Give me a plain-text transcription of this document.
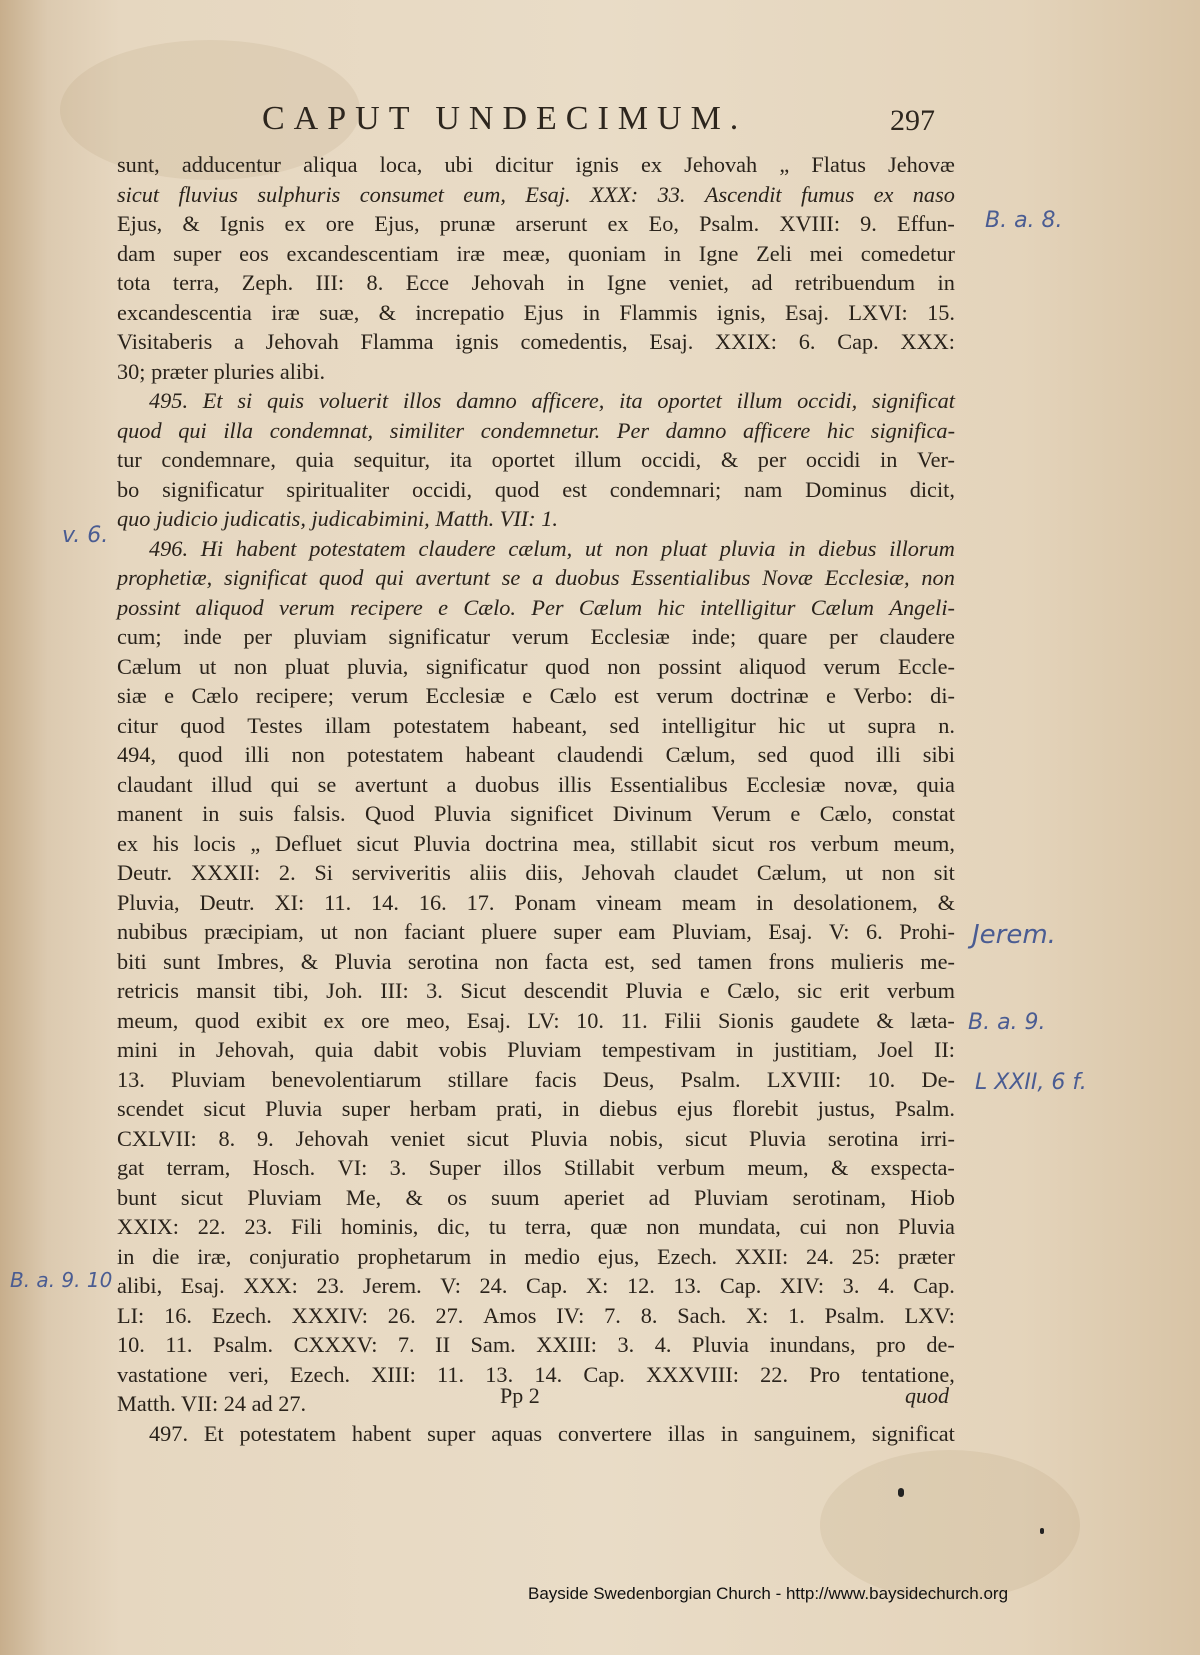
CAPUT UNDECIMUM.	297
sunt, adducentur aliqua loca, ubi dicitur ignis ex Jehovah „ Flatus Jehovæ
sicut fluvius sulphuris consumet eum, Esaj. XXX: 33. Ascendit fumus ex naso
Ejus, & Ignis ex ore Ejus, prunæ arserunt ex Eo, Psalm. XVIII: 9. Effun-
dam super eos excandescentiam iræ meæ, quoniam in Igne Zeli mei comedetur
tota terra, Zeph. III: 8. Ecce Jehovah in Igne veniet, ad retribuendum in
excandescentia iræ suæ, & increpatio Ejus in Flammis ignis, Esaj. LXVI: 15.
Visitaberis a Jehovah Flamma ignis comedentis, Esaj. XXIX: 6. Cap. XXX:
30; præter pluries alibi.
495. Et si quis voluerit illos damno afficere, ita oportet illum occidi, significat
quod qui illa condemnat, similiter condemnetur. Per damno afficere hic significa-
tur condemnare, quia sequitur, ita oportet illum occidi, & per occidi in Ver-
bo significatur spiritualiter occidi, quod est condemnari; nam Dominus dicit,
quo judicio judicatis, judicabimini, Matth. VII: 1.
496. Hi habent potestatem claudere cælum, ut non pluat pluvia in diebus illorum
prophetiæ, significat quod qui avertunt se a duobus Essentialibus Novæ Ecclesiæ, non
possint aliquod verum recipere e Cælo. Per Cælum hic intelligitur Cælum Angeli-
cum; inde per pluviam significatur verum Ecclesiæ inde; quare per claudere
Cælum ut non pluat pluvia, significatur quod non possint aliquod verum Eccle-
siæ e Cælo recipere; verum Ecclesiæ e Cælo est verum doctrinæ e Verbo: di-
citur quod Testes illam potestatem habeant, sed intelligitur hic ut supra n.
494, quod illi non potestatem habeant claudendi Cælum, sed quod illi sibi
claudant illud qui se avertunt a duobus illis Essentialibus Ecclesiæ novæ, quia
manent in suis falsis. Quod Pluvia significet Divinum Verum e Cælo, constat
ex his locis „ Defluet sicut Pluvia doctrina mea, stillabit sicut ros verbum meum,
Deutr. XXXII: 2. Si serviveritis aliis diis, Jehovah claudet Cælum, ut non sit
Pluvia, Deutr. XI: 11. 14. 16. 17. Ponam vineam meam in desolationem, &
nubibus præcipiam, ut non faciant pluere super eam Pluviam, Esaj. V: 6. Prohi-
biti sunt Imbres, & Pluvia serotina non facta est, sed tamen frons mulieris me-
retricis mansit tibi, Joh. III: 3. Sicut descendit Pluvia e Cælo, sic erit verbum
meum, quod exibit ex ore meo, Esaj. LV: 10. 11. Filii Sionis gaudete & læta-
mini in Jehovah, quia dabit vobis Pluviam tempestivam in justitiam, Joel II:
13. Pluviam benevolentiarum stillare facis Deus, Psalm. LXVIII: 10. De-
scendet sicut Pluvia super herbam prati, in diebus ejus florebit justus, Psalm.
CXLVII: 8. 9. Jehovah veniet sicut Pluvia nobis, sicut Pluvia serotina irri-
gat terram, Hosch. VI: 3. Super illos Stillabit verbum meum, & exspecta-
bunt sicut Pluviam Me, & os suum aperiet ad Pluviam serotinam, Hiob
XXIX: 22. 23. Fili hominis, dic, tu terra, quæ non mundata, cui non Pluvia
in die iræ, conjuratio prophetarum in medio ejus, Ezech. XXII: 24. 25: præter
alibi, Esaj. XXX: 23. Jerem. V: 24. Cap. X: 12. 13. Cap. XIV: 3. 4. Cap.
LI: 16. Ezech. XXXIV: 26. 27. Amos IV: 7. 8. Sach. X: 1. Psalm. LXV:
10. 11. Psalm. CXXXV: 7. II Sam. XXIII: 3. 4. Pluvia inundans, pro de-
vastatione veri, Ezech. XIII: 11. 13. 14. Cap. XXXVIII: 22. Pro tentatione,
Matth. VII: 24 ad 27.
497. Et potestatem habent super aquas convertere illas in sanguinem, significat
Pp 2	quod
B. a. 8.
v. 6.
Jerem.
B. a. 9.
L XXII, 6 f.
B. a. 9. 10
Bayside Swedenborgian Church - http://www.baysidechurch.org
